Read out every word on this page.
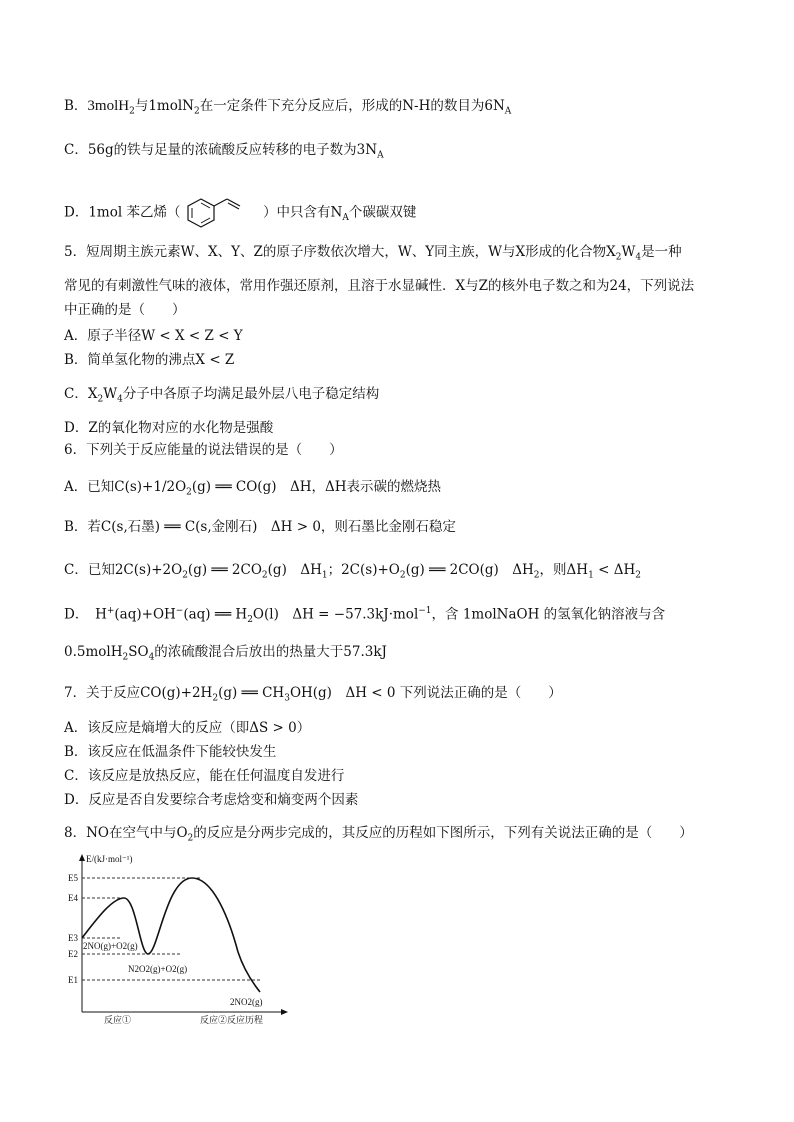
B．3molH$_2$与1molN$_2$在一定条件下充分反应后，形成的N-H的数目为$6N_A$
C．56g的铁与足量的浓硫酸反应转移的电子数为$3N_A$
D．1mol 苯乙烯（	）中只含有$N_A$个碳碳双键
5．短周期主族元素W、X、Y、Z的原子序数依次增大，W、Y同主族，W与X形成的化合物$X_2W_4$是一种
常见的有刺激性气味的液体，常用作强还原剂，且溶于水显碱性．X与Z的核外电子数之和为24，下列说法
中正确的是（　　）
A．原子半径W < X < Z < Y
B．简单氢化物的沸点X < Z
C．$X_2W_4$分子中各原子均满足最外层八电子稳定结构
D．Z的氧化物对应的水化物是强酸
6．下列关于反应能量的说法错误的是（　　）
A．已知$C(s)+1/2O_2(g)$ ══ CO(g)　ΔH，ΔH表示碳的燃烧热
B．若C(s,石墨) ══ C(s,金刚石)　ΔH > 0，则石墨比金刚石稳定
C．已知$2C(s)+2O_2(g)$ ══ $2CO_2(g)$　$\Delta H_1$；$2C(s)+O_2(g)$ ══ 2CO(g)　$\Delta H_2$，则$\Delta H_1 < \Delta H_2$
D．　H+(aq)+OH−(aq) ══ $H_2O(l)$　ΔH = −57.3kJ·mol$^{-1}$，含 1molNaOH 的氢氧化钠溶液与含
$0.5molH_2SO_4$的浓硫酸混合后放出的热量大于57.3kJ
7．关于反应$CO(g)+2H_2(g)$ ══ $CH_3OH(g)$　ΔH < 0 下列说法正确的是（　　）
A．该反应是熵增大的反应（即ΔS > 0）
B．该反应在低温条件下能较快发生
C．该反应是放热反应，能在任何温度自发进行
D．反应是否自发要综合考虑焓变和熵变两个因素
8．NO在空气中与$O_2$的反应是分两步完成的，其反应的历程如下图所示，下列有关说法正确的是（　　）
E/(kJ·mol⁻¹)
E5
E4
E3
E2
E1
2NO(g)+O2(g)
N2O2(g)+O2(g)
2NO2(g)
反应①	反应②反应历程
